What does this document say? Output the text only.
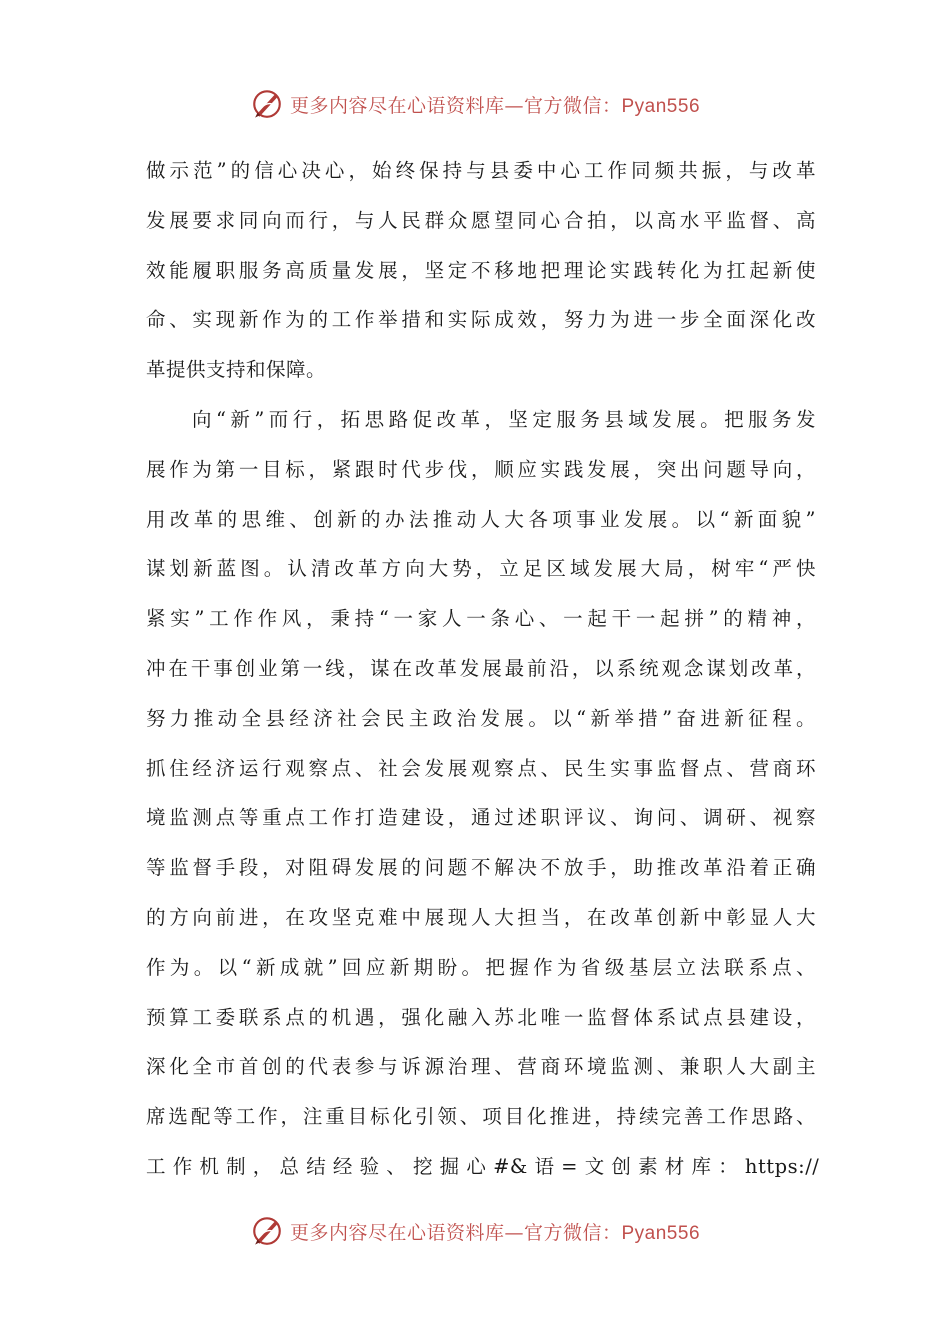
更多内容尽在心语资料库—官方微信：Pyan556
做示范”的信心决心，始终保持与县委中心工作同频共振，与改革
发展要求同向而行，与人民群众愿望同心合拍，以高水平监督、高
效能履职服务高质量发展，坚定不移地把理论实践转化为扛起新使
命、实现新作为的工作举措和实际成效，努力为进一步全面深化改
革提供支持和保障。
向“新”而行，拓思路促改革，坚定服务县域发展。把服务发
展作为第一目标，紧跟时代步伐，顺应实践发展，突出问题导向，
用改革的思维、创新的办法推动人大各项事业发展。以“新面貌”
谋划新蓝图。认清改革方向大势，立足区域发展大局，树牢“严快
紧实”工作作风，秉持“一家人一条心、一起干一起拼”的精神，
冲在干事创业第一线，谋在改革发展最前沿，以系统观念谋划改革，
努力推动全县经济社会民主政治发展。以“新举措”奋进新征程。
抓住经济运行观察点、社会发展观察点、民生实事监督点、营商环
境监测点等重点工作打造建设，通过述职评议、询问、调研、视察
等监督手段，对阻碍发展的问题不解决不放手，助推改革沿着正确
的方向前进，在攻坚克难中展现人大担当，在改革创新中彰显人大
作为。以“新成就”回应新期盼。把握作为省级基层立法联系点、
预算工委联系点的机遇，强化融入苏北唯一监督体系试点县建设，
深化全市首创的代表参与诉源治理、营商环境监测、兼职人大副主
席选配等工作，注重目标化引领、项目化推进，持续完善工作思路、
工 作 机 制 ， 总 结 经 验 、 挖 掘 心 #& 语 = 文 创 素 材 库 ： https://
更多内容尽在心语资料库—官方微信：Pyan556
